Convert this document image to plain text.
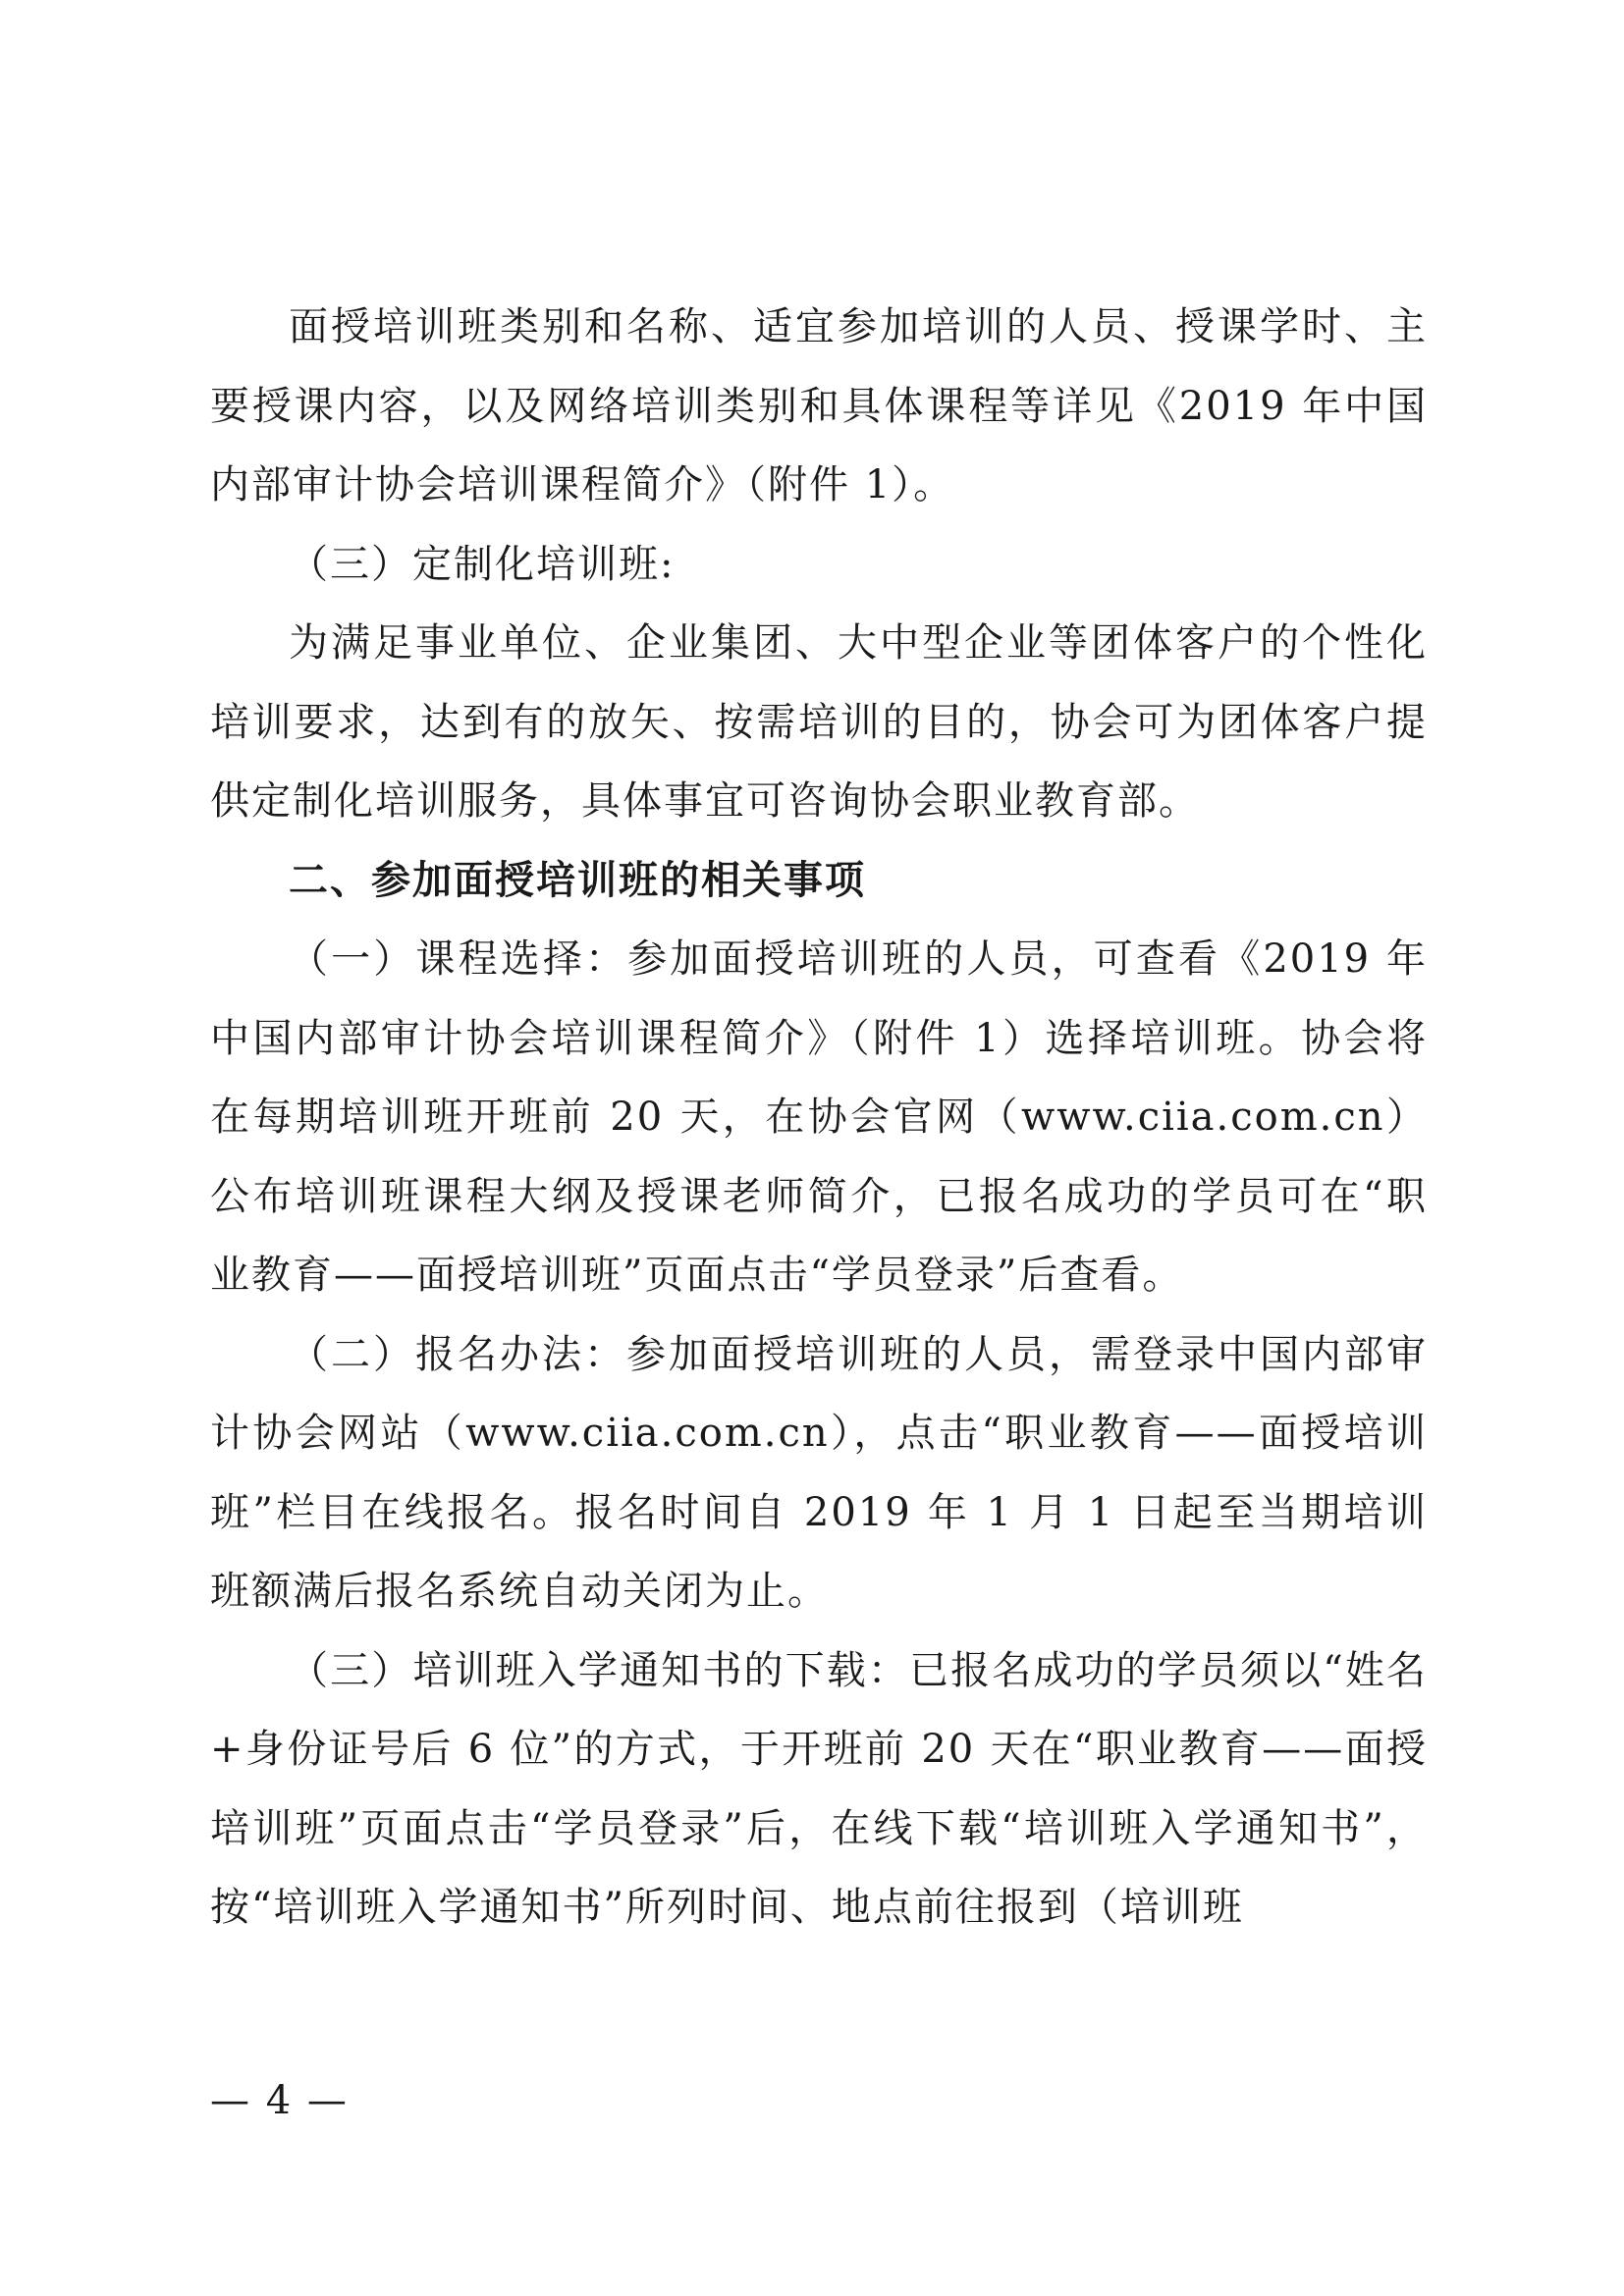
面授培训班类别和名称、适宜参加培训的人员、授课学时、主要授课内容，以及网络培训类别和具体课程等详见《2019 年中国内部审计协会培训课程简介》（附件 1）。

（三）定制化培训班:

为满足事业单位、企业集团、大中型企业等团体客户的个性化培训要求，达到有的放矢、按需培训的目的，协会可为团体客户提供定制化培训服务，具体事宜可咨询协会职业教育部。

二、参加面授培训班的相关事项

（一）课程选择：参加面授培训班的人员，可查看《2019 年中国内部审计协会培训课程简介》（附件 1）选择培训班。协会将在每期培训班开班前 20 天，在协会官网（www.ciia.com.cn）公布培训班课程大纲及授课老师简介，已报名成功的学员可在“职业教育——面授培训班”页面点击“学员登录”后查看。

（二）报名办法：参加面授培训班的人员，需登录中国内部审计协会网站（www.ciia.com.cn），点击“职业教育——面授培训班”栏目在线报名。报名时间自 2019 年 1 月 1 日起至当期培训班额满后报名系统自动关闭为止。

（三）培训班入学通知书的下载：已报名成功的学员须以“姓名+身份证号后 6 位”的方式，于开班前 20 天在“职业教育——面授培训班”页面点击“学员登录”后，在线下载“培训班入学通知书”，按“培训班入学通知书”所列时间、地点前往报到（培训班

— 4 —
